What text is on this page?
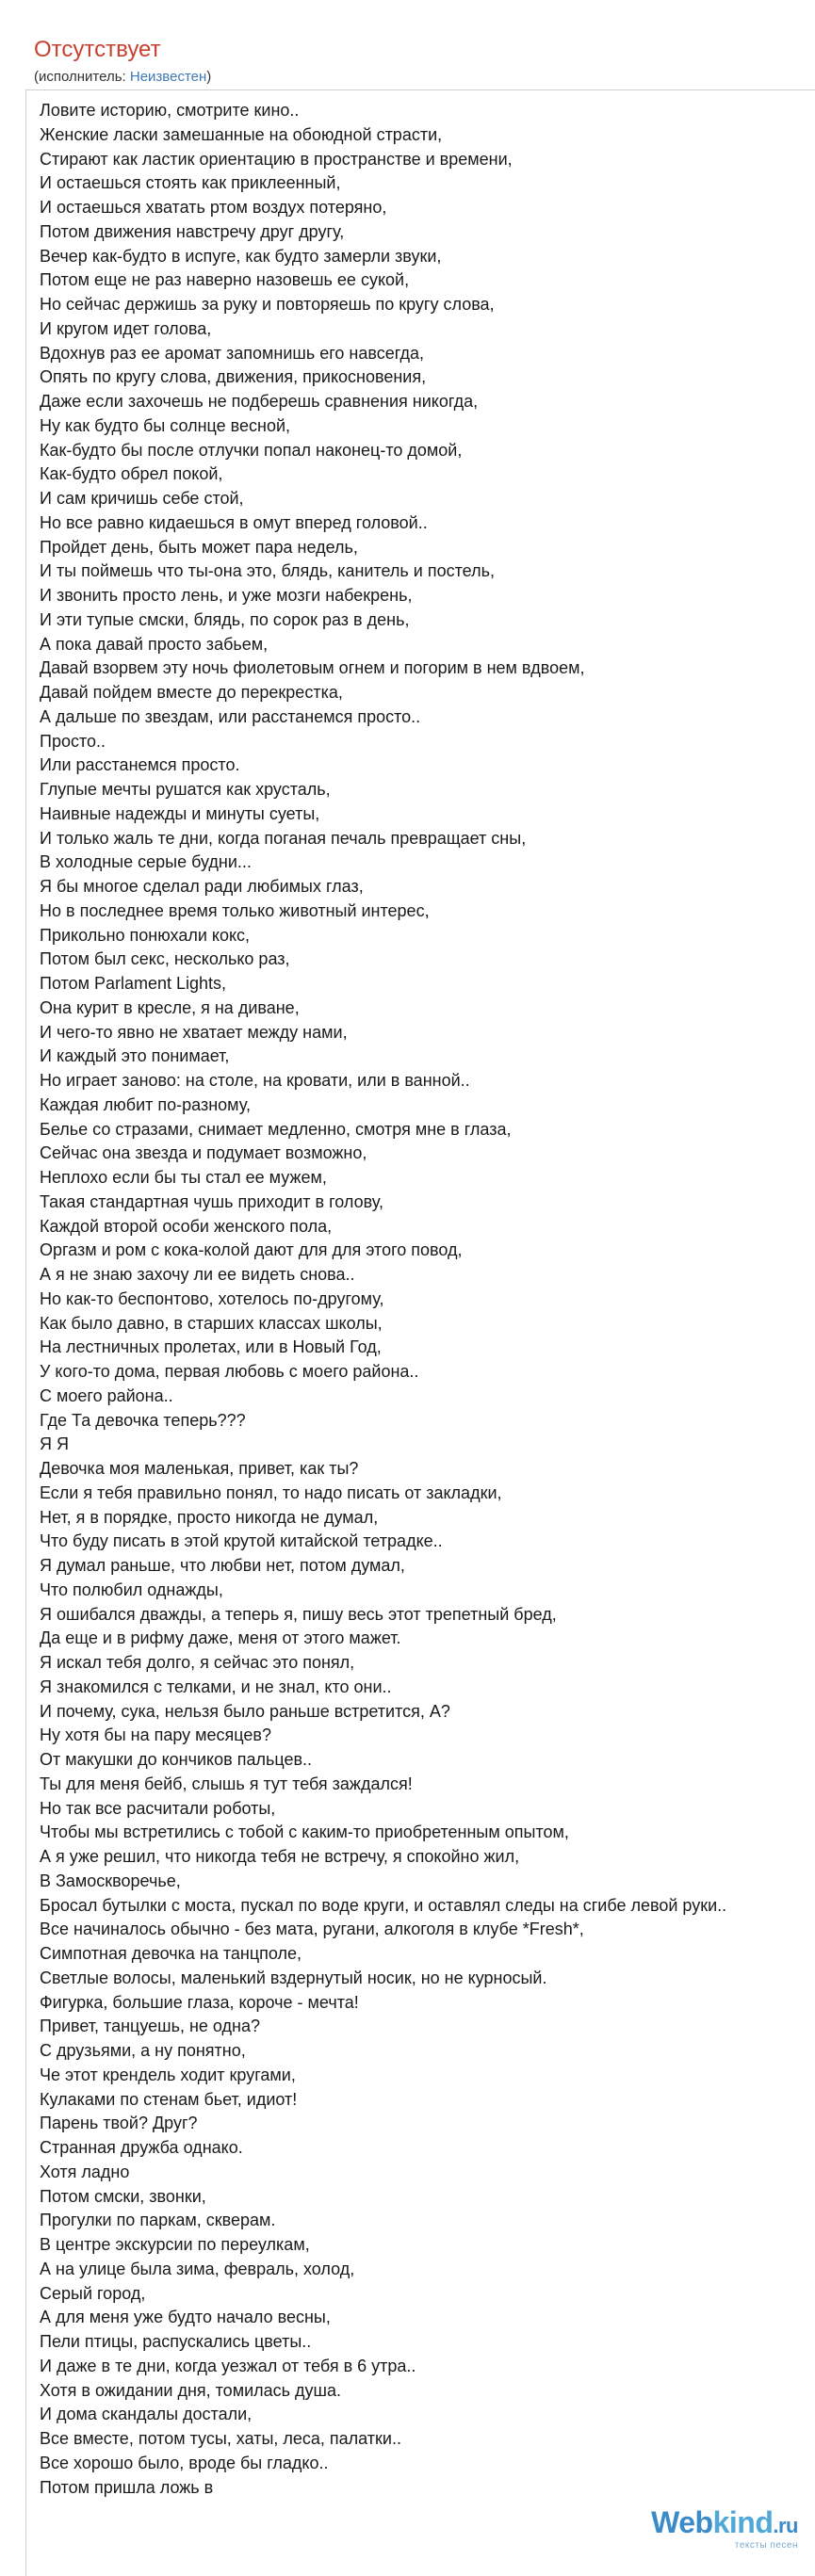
Отсутствует
(исполнитель: Неизвестен)
Ловите историю, смотрите кино..
Женские ласки замешанные на обоюдной страсти,
Стирают как ластик ориентацию в пространстве и времени,
И остаешься стоять как приклеенный,
И остаешься хватать ртом воздух потеряно,
Потом движения навстречу друг другу,
Вечер как-будто в испуге, как будто замерли звуки,
Потом еще не раз наверно назовешь ее сукой,
Но сейчас держишь за руку и повторяешь по кругу слова,
И кругом идет голова,
Вдохнув раз ее аромат запомнишь его навсегда,
Опять по кругу слова, движения, прикосновения,
Даже если захочешь не подберешь сравнения никогда,
Ну как будто бы солнце весной,
Как-будто бы после отлучки попал наконец-то домой,
Как-будто обрел покой,
И сам кричишь себе стой,
Но все равно кидаешься в омут вперед головой..
Пройдет день, быть может пара недель,
И ты поймешь что ты-она это, блядь, канитель и постель,
И звонить просто лень, и уже мозги набекрень,
И эти тупые смски, блядь, по сорок раз в день,
А пока давай просто забьем,
Давай взорвем эту ночь фиолетовым огнем и погорим в нем вдвоем,
Давай пойдем вместе до перекрестка,
А дальше по звездам, или расстанемся просто..
Просто..
Или расстанемся просто.
Глупые мечты рушатся как хрусталь,
Наивные надежды и минуты суеты,
И только жаль те дни, когда поганая печаль превращает сны,
В холодные серые будни...
Я бы многое сделал ради любимых глаз,
Но в последнее время только животный интерес,
Прикольно понюхали кокс,
Потом был секс, несколько раз,
Потом Parlament Lights,
Она курит в кресле, я на диване,
И чего-то явно не хватает между нами,
И каждый это понимает,
Но играет заново: на столе, на кровати, или в ванной..
Каждая любит по-разному,
Белье со стразами, снимает медленно, смотря мне в глаза,
Сейчас она звезда и подумает возможно,
Неплохо если бы ты стал ее мужем,
Такая стандартная чушь приходит в голову,
Каждой второй особи женского пола,
Оргазм и ром с кока-колой дают для для этого повод,
А я не знаю захочу ли ее видеть снова..
Но как-то беспонтово, хотелось по-другому,
Как было давно, в старших классах школы,
На лестничных пролетах, или в Новый Год,
У кого-то дома, первая любовь с моего района..
С моего района..
Где Та девочка теперь???
Я Я
Девочка моя маленькая, привет, как ты?
Если я тебя правильно понял, то надо писать от закладки,
Нет, я в порядке, просто никогда не думал,
Что буду писать в этой крутой китайской тетрадке..
Я думал раньше, что любви нет, потом думал,
Что полюбил однажды,
Я ошибался дважды, а теперь я, пишу весь этот трепетный бред,
Да еще и в рифму даже, меня от этого мажет.
Я искал тебя долго, я сейчас это понял,
Я знакомился с телками, и не знал, кто они..
И почему, сука, нельзя было раньше встретится, А?
Ну хотя бы на пару месяцев?
От макушки до кончиков пальцев..
Ты для меня бейб, слышь я тут тебя заждался!
Но так все расчитали роботы,
Чтобы мы встретились с тобой с каким-то приобретенным опытом,
А я уже решил, что никогда тебя не встречу, я спокойно жил,
В Замоскворечье,
Бросал бутылки с моста, пускал по воде круги, и оставлял следы на сгибе левой руки..
Все начиналось обычно - без мата, ругани, алкоголя в клубе *Fresh*,
Симпотная девочка на танцполе,
Светлые волосы, маленький вздернутый носик, но не курносый.
Фигурка, большие глаза, короче - мечта!
Привет, танцуешь, не одна?
С друзьями, а ну понятно,
Че этот крендель ходит кругами,
Кулаками по стенам бьет, идиот!
Парень твой? Друг?
Странная дружба однако.
Хотя ладно
Потом смски, звонки,
Прогулки по паркам, скверам.
В центре экскурсии по переулкам,
А на улице была зима, февраль, холод,
Серый город,
А для меня уже будто начало весны,
Пели птицы, распускались цветы..
И даже в те дни, когда уезжал от тебя в 6 утра..
Хотя в ожидании дня, томилась душа.
И дома скандалы достали,
Все вместе, потом тусы, хаты, леса, палатки..
Все хорошо было, вроде бы гладко..
Потом пришла ложь в
Webkind.ru
тексты песен
